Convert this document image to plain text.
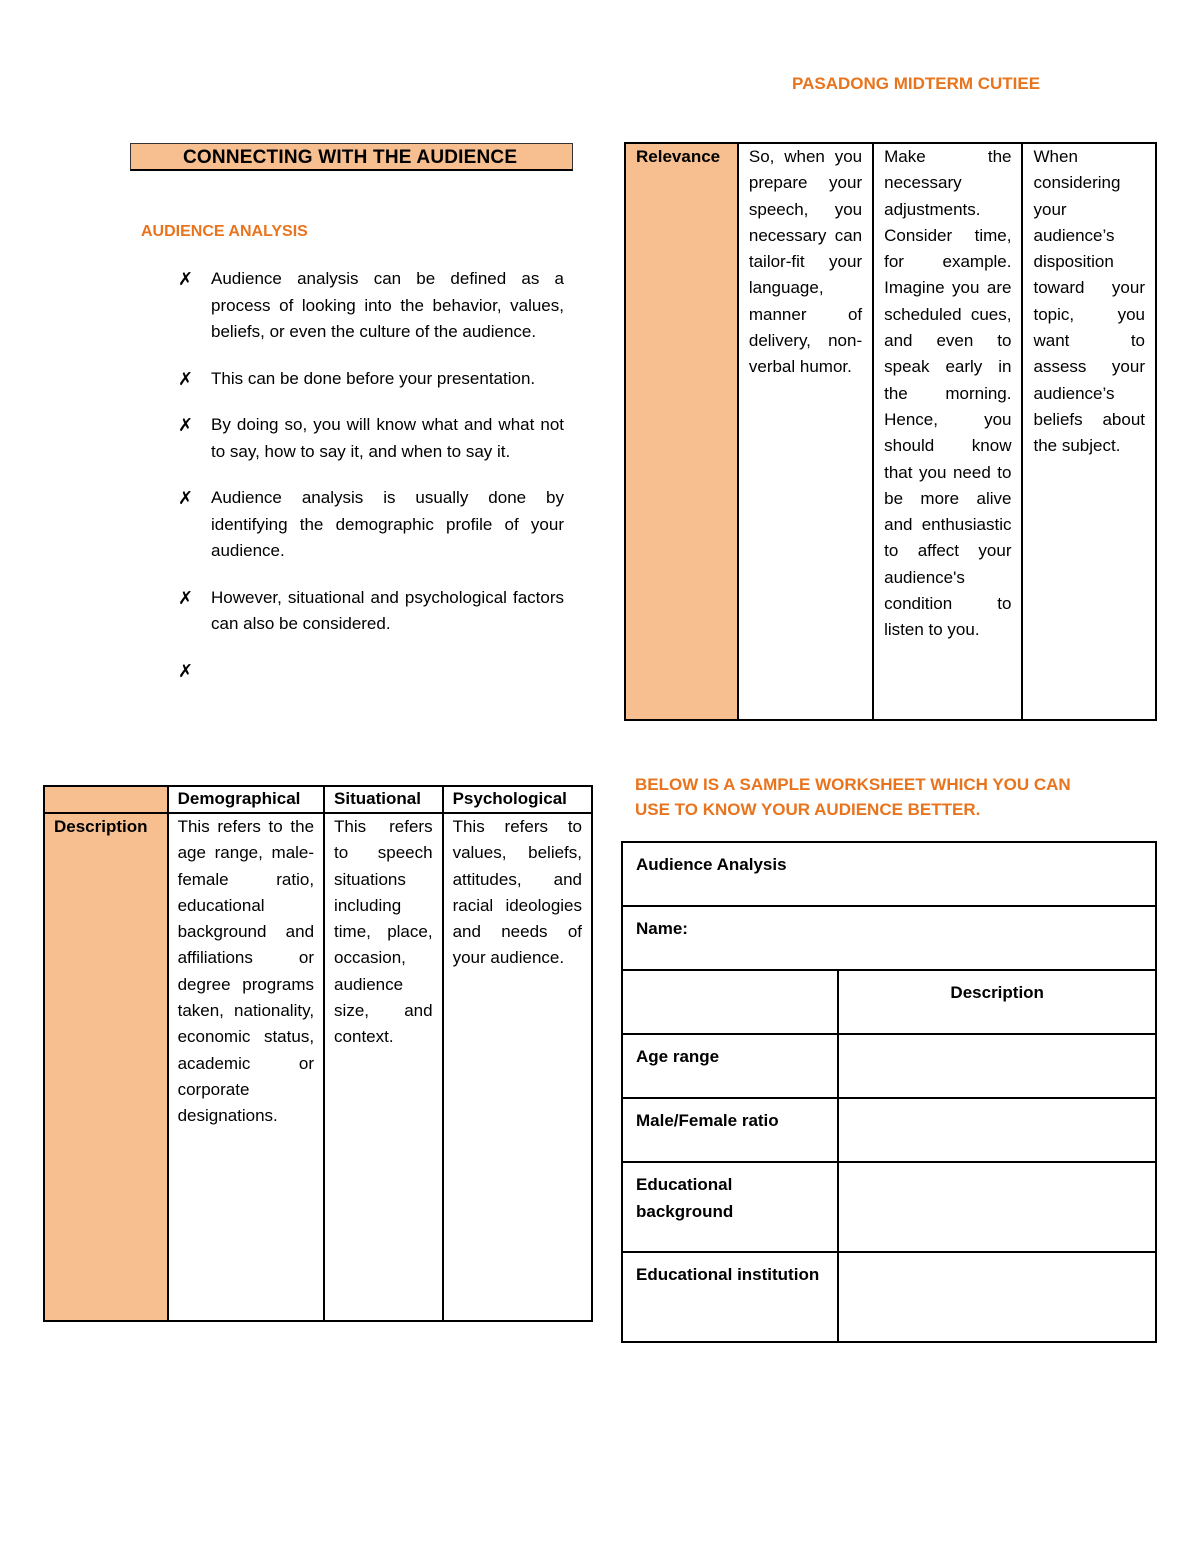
PASADONG MIDTERM CUTIEE
CONNECTING WITH THE AUDIENCE
AUDIENCE ANALYSIS
✗ Audience analysis can be defined as a process of looking into the behavior, values, beliefs, or even the culture of the audience.
✗ This can be done before your presentation.
✗ By doing so, you will know what and what not to say, how to say it, and when to say it.
✗ Audience analysis is usually done by identifying the demographic profile of your audience.
✗ However, situational and psychological factors can also be considered.
✗
	Demographical	Situational	Psychological
Description	This refers to the age range, male-female ratio, educational background and affiliations or degree programs taken, nationality, economic status, academic or corporate designations.	This refers to speech situations including time, place, occasion, audience size, and context.	This refers to values, beliefs, attitudes, and racial ideologies and needs of your audience.
Relevance	So, when you prepare your speech, you necessary can tailor-fit your language, manner of delivery, non-verbal humor.	Make the necessary adjustments. Consider time, for example. Imagine you are scheduled cues, and even to speak early in the morning. Hence, you should know that you need to be more alive and enthusiastic to affect your audience's condition to listen to you.	When considering your audience’s disposition toward your topic, you want to assess your audience’s beliefs about the subject.
BELOW IS A SAMPLE WORKSHEET WHICH YOU CAN USE TO KNOW YOUR AUDIENCE BETTER.
Audience Analysis	
Name:	
	Description
Age range	
Male/Female ratio	
Educational background	
Educational institution	
